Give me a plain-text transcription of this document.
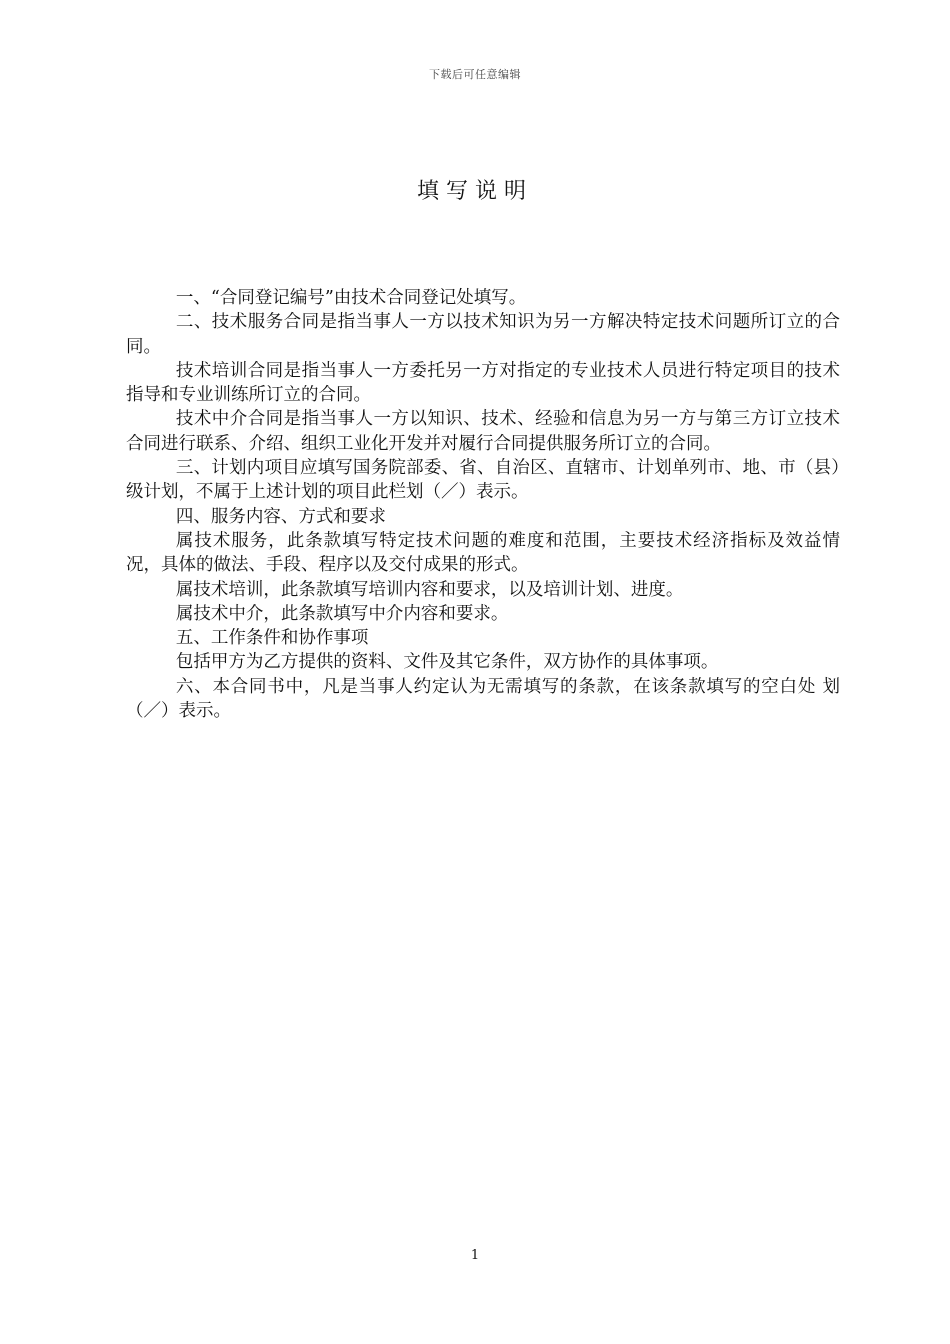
下载后可任意编辑
填写说明

一、“合同登记编号”由技术合同登记处填写。

二、技术服务合同是指当事人一方以技术知识为另一方解决特定技术问题所订立的合同。

技术培训合同是指当事人一方委托另一方对指定的专业技术人员进行特定项目的技术指导和专业训练所订立的合同。

技术中介合同是指当事人一方以知识、技术、经验和信息为另一方与第三方订立技术合同进行联系、介绍、组织工业化开发并对履行合同提供服务所订立的合同。

三、计划内项目应填写国务院部委、省、自治区、直辖市、计划单列市、地、市（县）级计划，不属于上述计划的项目此栏划（／）表示。

四、服务内容、方式和要求

属技术服务，此条款填写特定技术问题的难度和范围，主要技术经济指标及效益情况，具体的做法、手段、程序以及交付成果的形式。

属技术培训，此条款填写培训内容和要求，以及培训计划、进度。

属技术中介，此条款填写中介内容和要求。

五、工作条件和协作事项

包括甲方为乙方提供的资料、文件及其它条件，双方协作的具体事项。

六、本合同书中，凡是当事人约定认为无需填写的条款，在该条款填写的空白处 划（／）表示。

1
